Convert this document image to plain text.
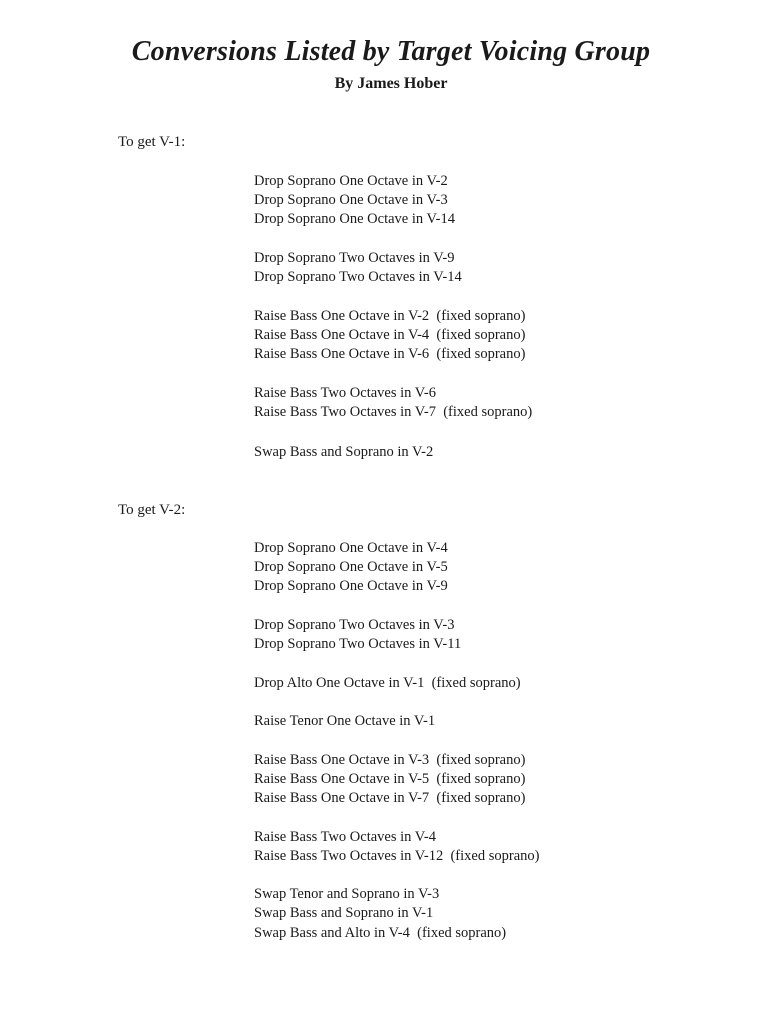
Conversions Listed by Target Voicing Group

By James Hober

To get V-1:

Drop Soprano One Octave in V-2

Drop Soprano One Octave in V-3

Drop Soprano One Octave in V-14

Drop Soprano Two Octaves in V-9

Drop Soprano Two Octaves in V-14

Raise Bass One Octave in V-2  (fixed soprano)

Raise Bass One Octave in V-4  (fixed soprano)

Raise Bass One Octave in V-6  (fixed soprano)

Raise Bass Two Octaves in V-6

Raise Bass Two Octaves in V-7  (fixed soprano)

Swap Bass and Soprano in V-2

To get V-2:

Drop Soprano One Octave in V-4

Drop Soprano One Octave in V-5

Drop Soprano One Octave in V-9

Drop Soprano Two Octaves in V-3

Drop Soprano Two Octaves in V-11

Drop Alto One Octave in V-1  (fixed soprano)

Raise Tenor One Octave in V-1

Raise Bass One Octave in V-3  (fixed soprano)

Raise Bass One Octave in V-5  (fixed soprano)

Raise Bass One Octave in V-7  (fixed soprano)

Raise Bass Two Octaves in V-4

Raise Bass Two Octaves in V-12  (fixed soprano)

Swap Tenor and Soprano in V-3

Swap Bass and Soprano in V-1

Swap Bass and Alto in V-4  (fixed soprano)
